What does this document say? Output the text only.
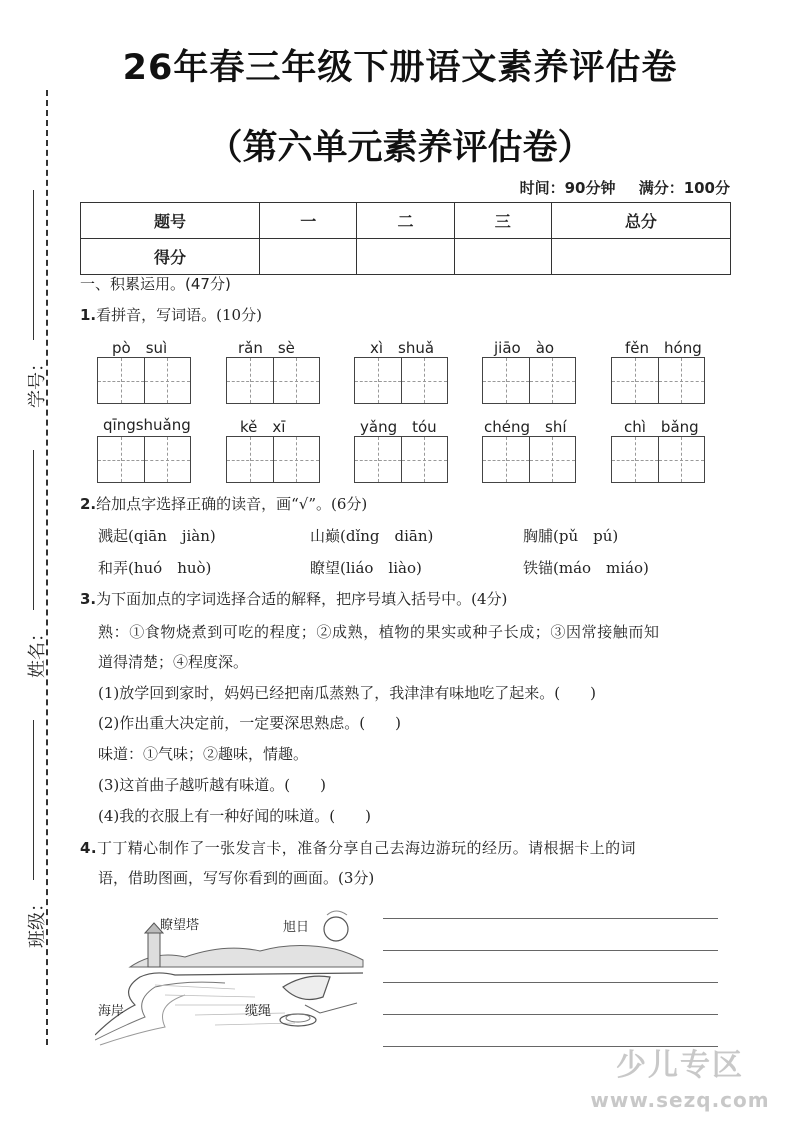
学号：
姓名：
班级：
26年春三年级下册语文素养评估卷
（第六单元素养评估卷）
时间：90分钟 满分：100分
题号	一	二	三	总分
得分				
一、积累运用。(47分)
1.看拼音，写词语。(10分)
pò　suì	rǎn　sè	xì　shuǎ	jiāo　ào	fěn　hóng
qīngshuǎng	kě　xī	yǎng　tóu	chéng　shí	chì　bǎng
2.给加点字选择正确的读音，画“√”。(6分)
溅起(qiān　jiàn)	山巅(dǐng　diān)	胸脯(pǔ　pú)
和弄(huó　huò)	瞭望(liáo　liào)	铁锚(máo　miáo)
3.为下面加点的字词选择合适的解释，把序号填入括号中。(4分)
熟：①食物烧煮到可吃的程度；②成熟，植物的果实或种子长成；③因常接触而知
道得清楚；④程度深。
(1)放学回到家时，妈妈已经把南瓜蒸熟了，我津津有味地吃了起来。(　　)
(2)作出重大决定前，一定要深思熟虑。(　　)
味道：①气味；②趣味，情趣。
(3)这首曲子越听越有味道。(　　)
(4)我的衣服上有一种好闻的味道。(　　)
4.丁丁精心制作了一张发言卡，准备分享自己去海边游玩的经历。请根据卡上的词
语，借助图画，写写你看到的画面。(3分)
瞭望塔	旭日
海岸	缆绳
少儿专区
www.sezq.com
